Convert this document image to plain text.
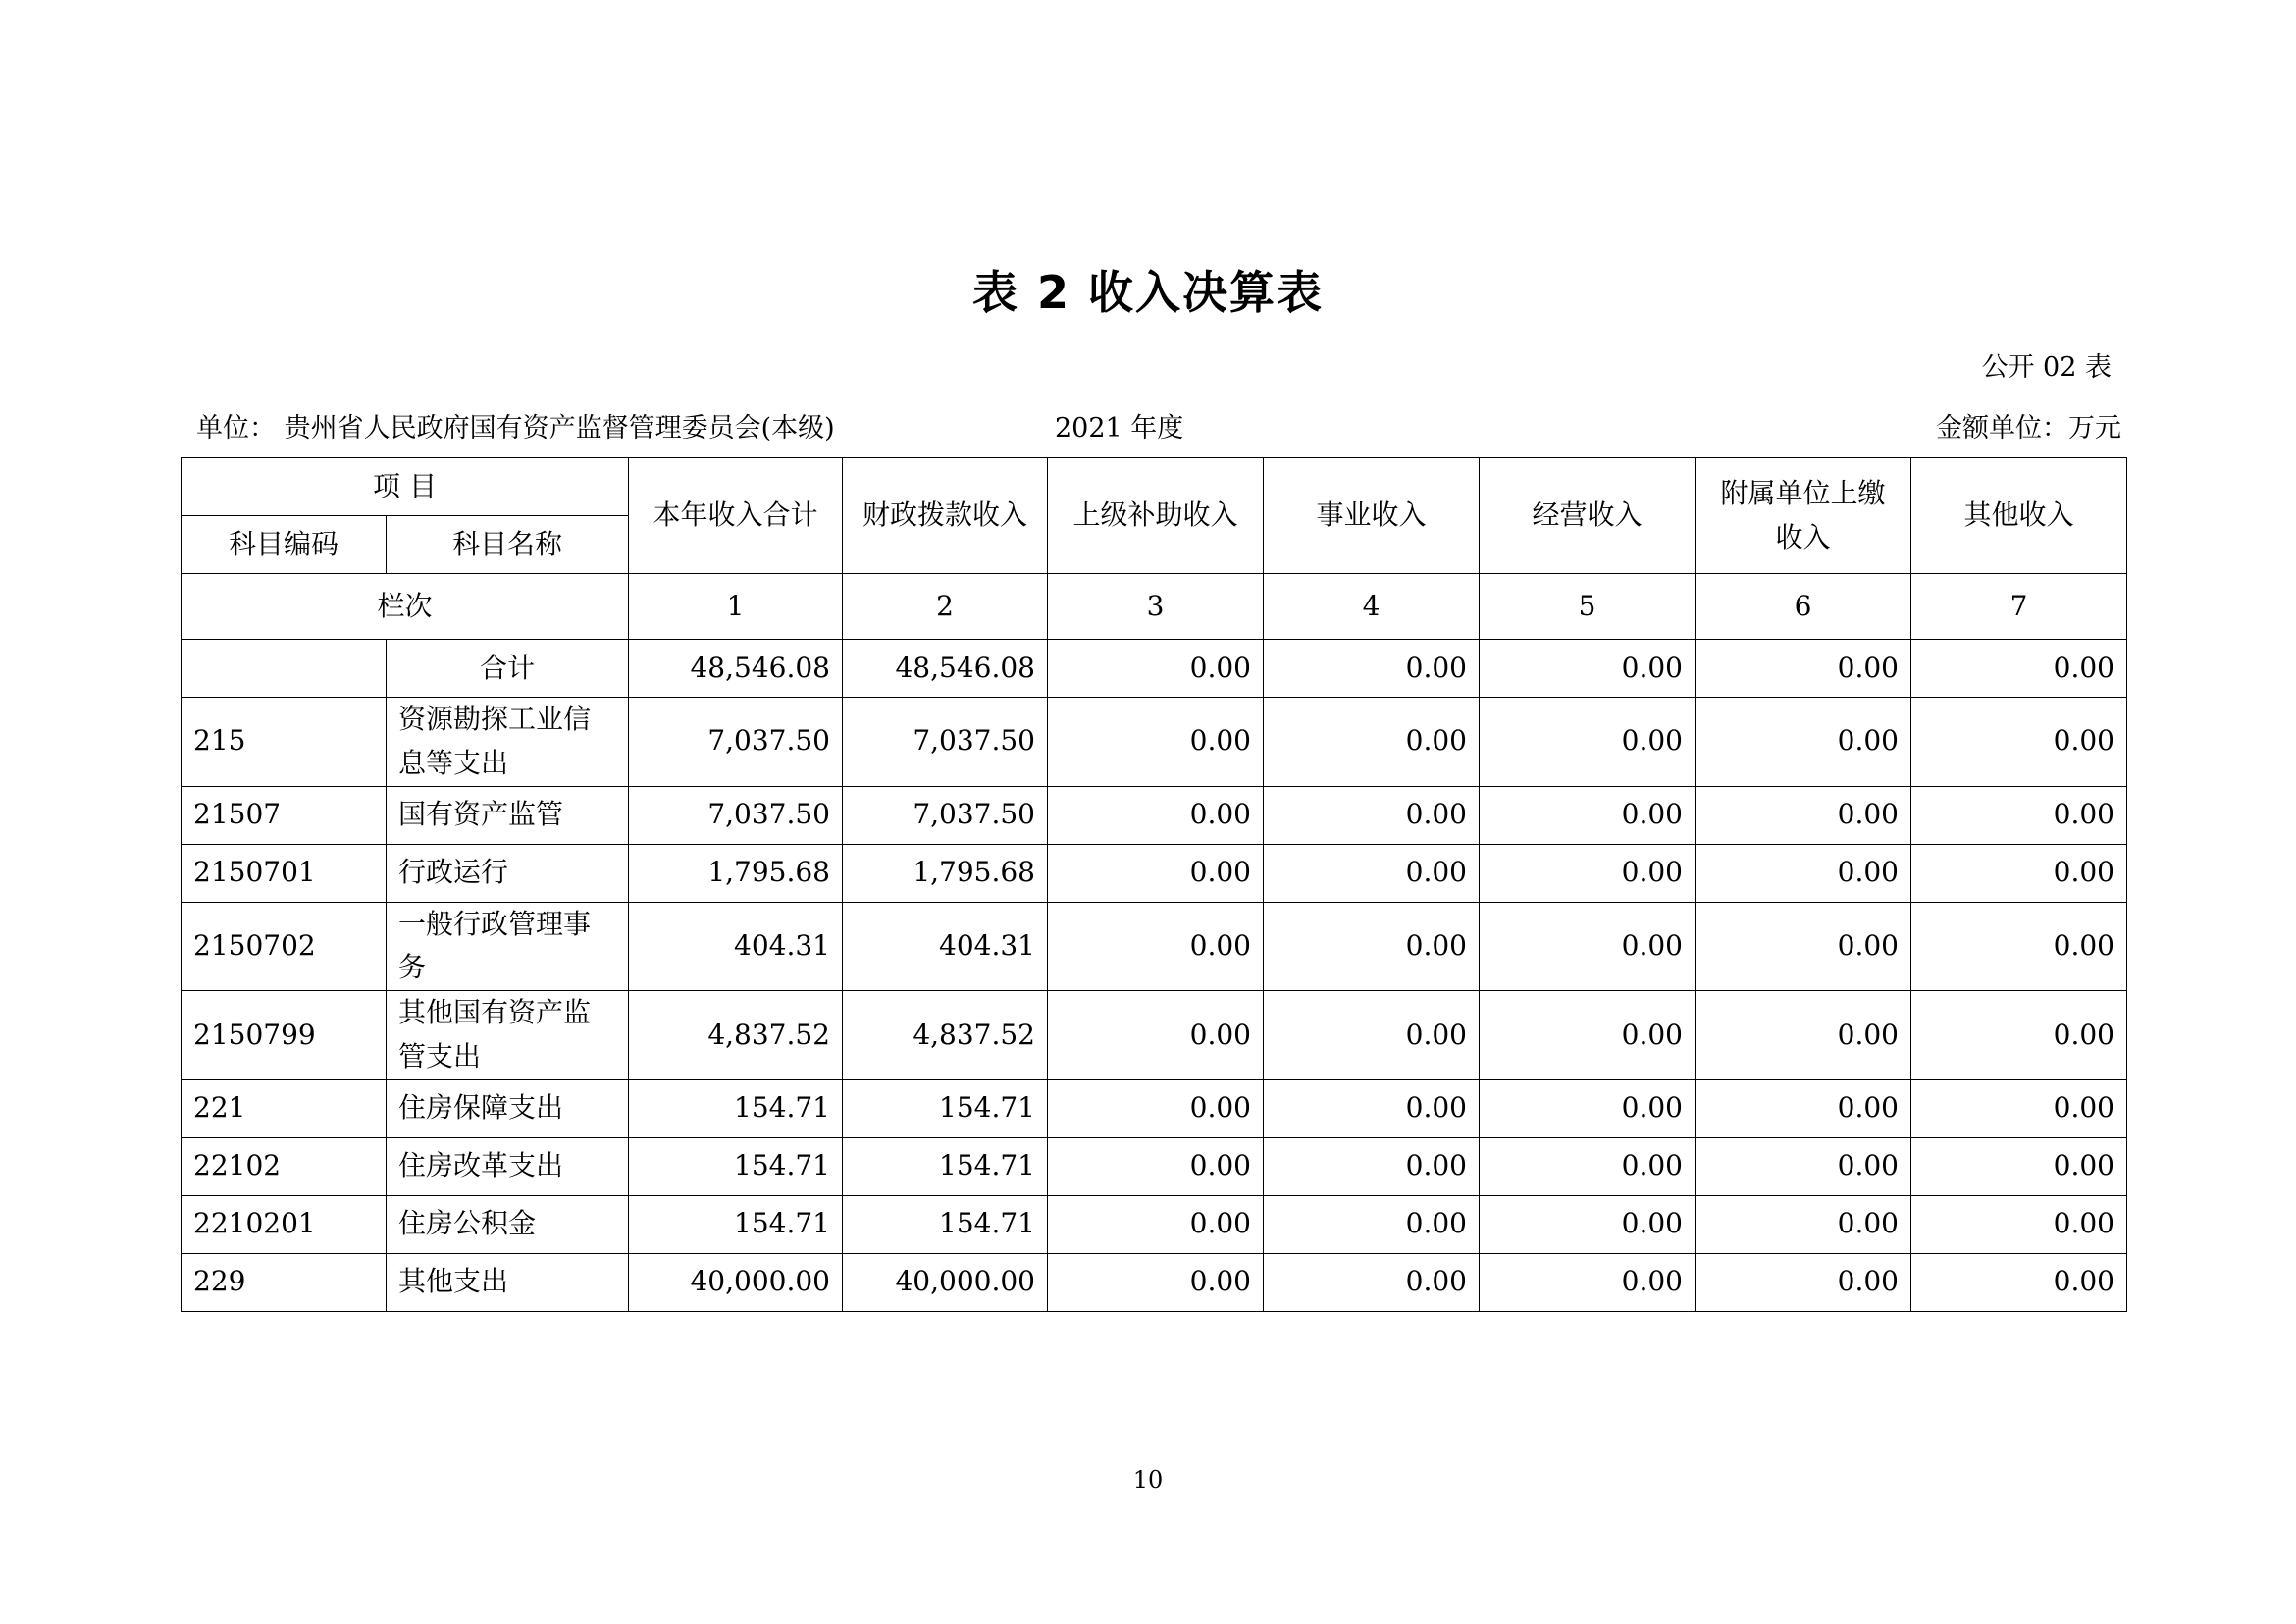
表 2 收入决算表
公开 02 表
单位： 贵州省人民政府国有资产监督管理委员会(本级)	2021 年度	金额单位：万元
项 目		本年收入合计	财政拨款收入	上级补助收入	事业收入	经营收入	附属单位上缴收入	其他收入
科目编码	科目名称							
栏次		1	2	3	4	5	6	7
	合计	48,546.08	48,546.08	0.00	0.00	0.00	0.00	0.00
215	资源勘探工业信息等支出	7,037.50	7,037.50	0.00	0.00	0.00	0.00	0.00
21507	国有资产监管	7,037.50	7,037.50	0.00	0.00	0.00	0.00	0.00
2150701	行政运行	1,795.68	1,795.68	0.00	0.00	0.00	0.00	0.00
2150702	一般行政管理事务	404.31	404.31	0.00	0.00	0.00	0.00	0.00
2150799	其他国有资产监管支出	4,837.52	4,837.52	0.00	0.00	0.00	0.00	0.00
221	住房保障支出	154.71	154.71	0.00	0.00	0.00	0.00	0.00
22102	住房改革支出	154.71	154.71	0.00	0.00	0.00	0.00	0.00
2210201	住房公积金	154.71	154.71	0.00	0.00	0.00	0.00	0.00
229	其他支出	40,000.00	40,000.00	0.00	0.00	0.00	0.00	0.00
10
